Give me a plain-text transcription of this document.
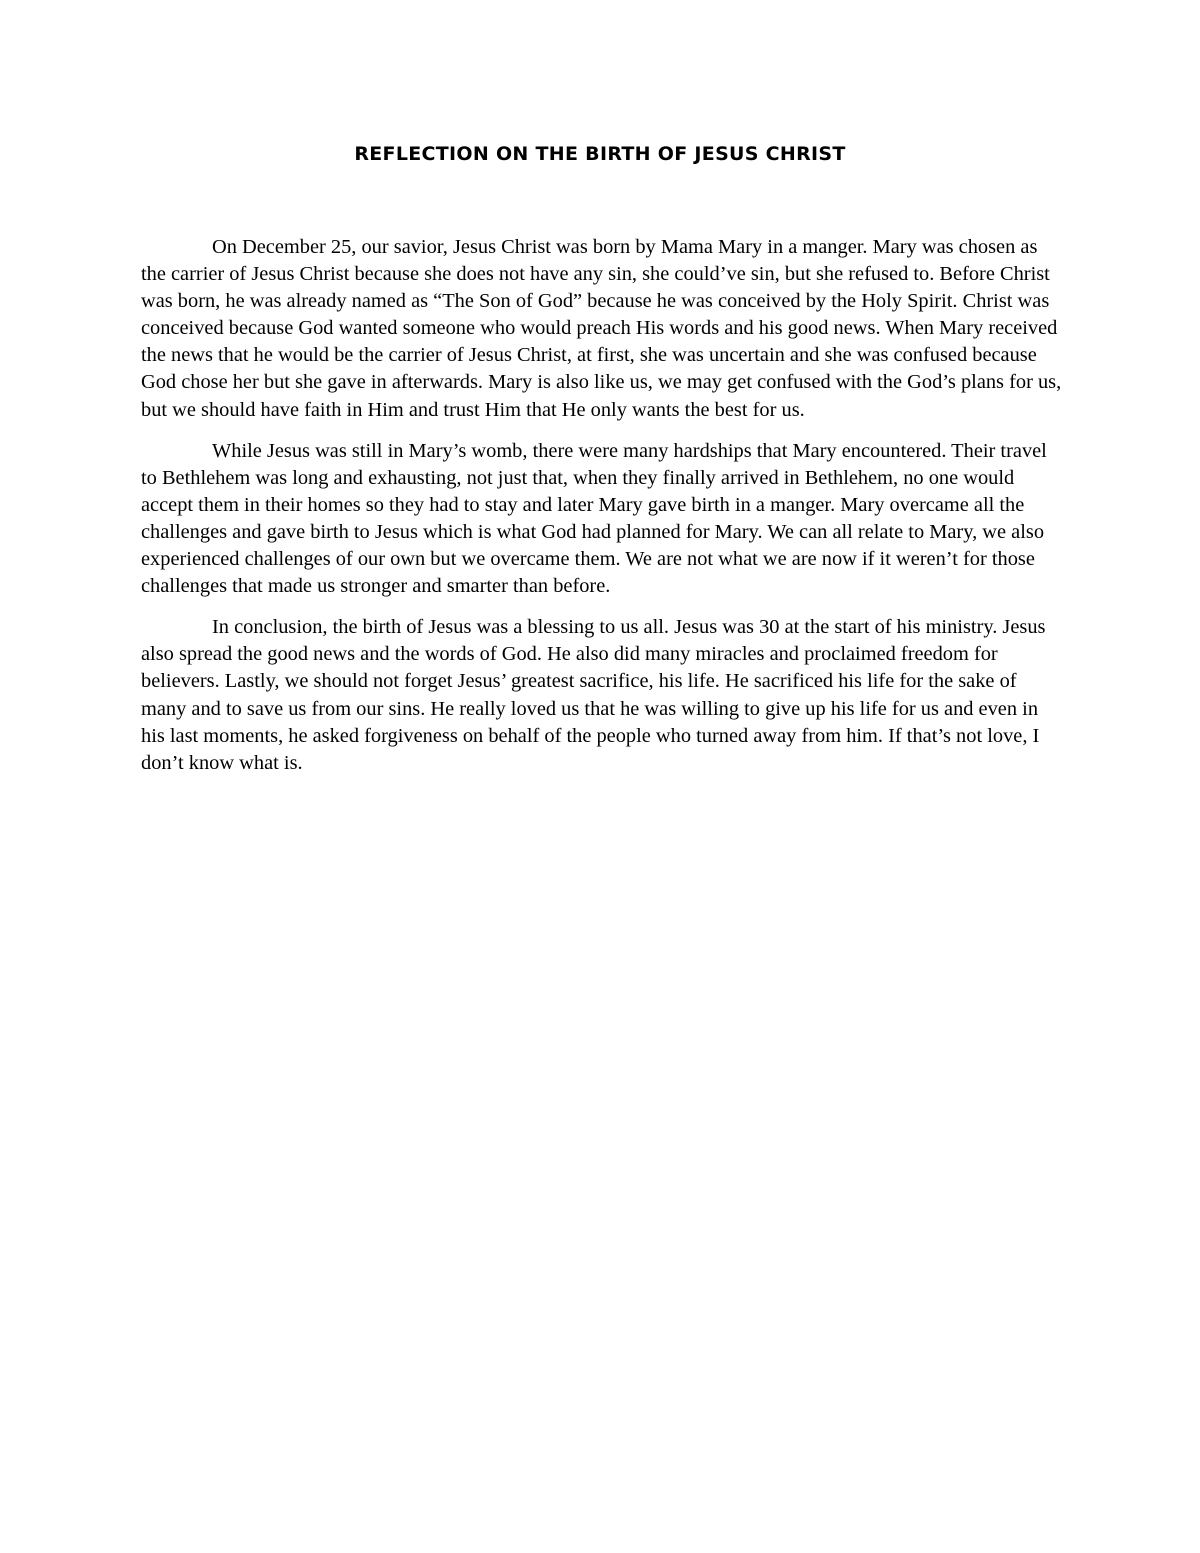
REFLECTION ON THE BIRTH OF JESUS CHRIST

On December 25, our savior, Jesus Christ was born by Mama Mary in a manger. Mary was chosen as the carrier of Jesus Christ because she does not have any sin, she could’ve sin, but she refused to. Before Christ was born, he was already named as “The Son of God” because he was conceived by the Holy Spirit. Christ was conceived because God wanted someone who would preach His words and his good news. When Mary received the news that he would be the carrier of Jesus Christ, at first, she was uncertain and she was confused because God chose her but she gave in afterwards. Mary is also like us, we may get confused with the God’s plans for us, but we should have faith in Him and trust Him that He only wants the best for us.

While Jesus was still in Mary’s womb, there were many hardships that Mary encountered. Their travel to Bethlehem was long and exhausting, not just that, when they finally arrived in Bethlehem, no one would accept them in their homes so they had to stay and later Mary gave birth in a manger. Mary overcame all the challenges and gave birth to Jesus which is what God had planned for Mary. We can all relate to Mary, we also experienced challenges of our own but we overcame them. We are not what we are now if it weren’t for those challenges that made us stronger and smarter than before.

In conclusion, the birth of Jesus was a blessing to us all. Jesus was 30 at the start of his ministry. Jesus also spread the good news and the words of God. He also did many miracles and proclaimed freedom for believers. Lastly, we should not forget Jesus’ greatest sacrifice, his life. He sacrificed his life for the sake of many and to save us from our sins. He really loved us that he was willing to give up his life for us and even in his last moments, he asked forgiveness on behalf of the people who turned away from him. If that’s not love, I don’t know what is.
